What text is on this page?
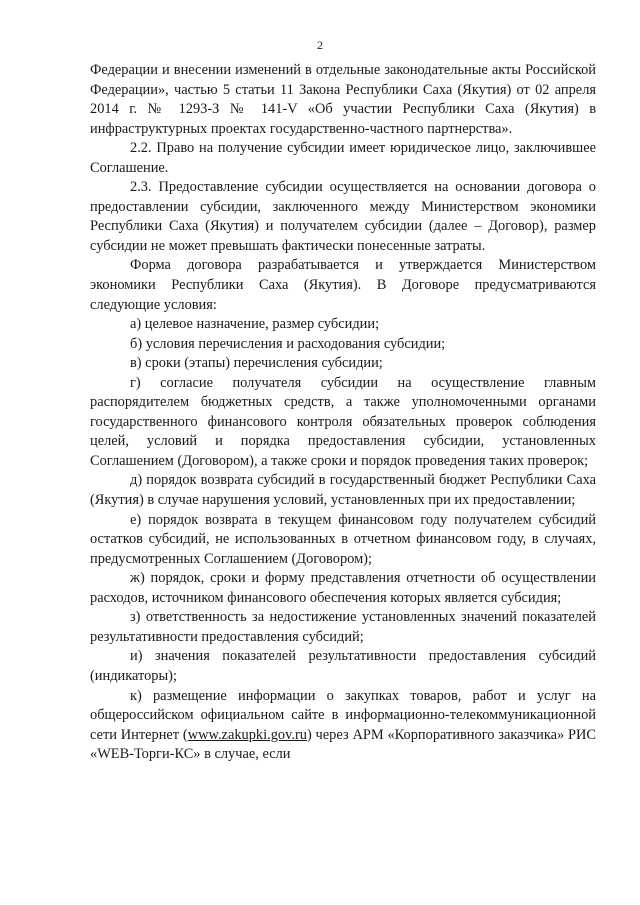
2

Федерации и внесении изменений в отдельные законодательные акты Российской Федерации», частью 5 статьи 11 Закона Республики Саха (Якутия) от 02 апреля 2014 г. № 1293-З № 141-V «Об участии Республики Саха (Якутия) в инфраструктурных проектах государственно-частного партнерства».

2.2. Право на получение субсидии имеет юридическое лицо, заключившее Соглашение.

2.3. Предоставление субсидии осуществляется на основании договора о предоставлении субсидии, заключенного между Министерством экономики Республики Саха (Якутия) и получателем субсидии (далее – Договор), размер субсидии не может превышать фактически понесенные затраты.

Форма договора разрабатывается и утверждается Министерством экономики Республики Саха (Якутия). В Договоре предусматриваются следующие условия:

а) целевое назначение, размер субсидии;

б) условия перечисления и расходования субсидии;

в) сроки (этапы) перечисления субсидии;

г) согласие получателя субсидии на осуществление главным распорядителем бюджетных средств, а также уполномоченными органами государственного финансового контроля обязательных проверок соблюдения целей, условий и порядка предоставления субсидии, установленных Соглашением (Договором), а также сроки и порядок проведения таких проверок;

д) порядок возврата субсидий в государственный бюджет Республики Саха (Якутия) в случае нарушения условий, установленных при их предоставлении;

е) порядок возврата в текущем финансовом году получателем субсидий остатков субсидий, не использованных в отчетном финансовом году, в случаях, предусмотренных Соглашением (Договором);

ж) порядок, сроки и форму представления отчетности об осуществлении расходов, источником финансового обеспечения которых является субсидия;

з) ответственность за недостижение установленных значений показателей результативности предоставления субсидий;

и) значения показателей результативности предоставления субсидий (индикаторы);

к) размещение информации о закупках товаров, работ и услуг на общероссийском официальном сайте в информационно-телекоммуникационной сети Интернет (www.zakupki.gov.ru) через АРМ «Корпоративного заказчика» РИС «WEB-Торги-КС» в случае, если
